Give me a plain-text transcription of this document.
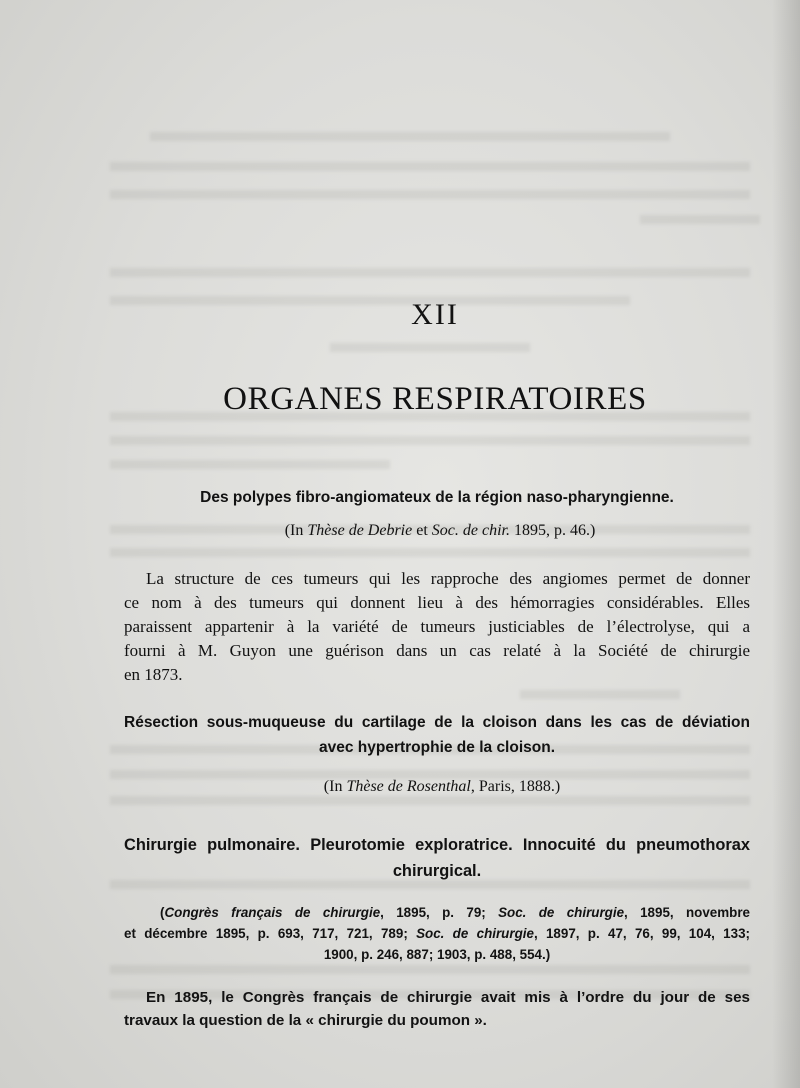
XII
ORGANES RESPIRATOIRES
Des polypes fibro-angiomateux de la région naso-pharyngienne.
(In Thèse de Debrie et Soc. de chir. 1895, p. 46.)
La structure de ces tumeurs qui les rapproche des angiomes permet de donner
ce nom à des tumeurs qui donnent lieu à des hémorragies considérables. Elles
paraissent appartenir à la variété de tumeurs justiciables de l’électrolyse, qui a
fourni à M. Guyon une guérison dans un cas relaté à la Société de chirurgie
en 1873.
Résection sous-muqueuse du cartilage de la cloison dans les cas de déviation
avec hypertrophie de la cloison.
(In Thèse de Rosenthal, Paris, 1888.)
Chirurgie pulmonaire. Pleurotomie exploratrice. Innocuité du pneumothorax
chirurgical.
(Congrès français de chirurgie, 1895, p. 79; Soc. de chirurgie, 1895, novembre
et décembre 1895, p. 693, 717, 721, 789; Soc. de chirurgie, 1897, p. 47, 76, 99, 104, 133;
1900, p. 246, 887; 1903, p. 488, 554.)
En 1895, le Congrès français de chirurgie avait mis à l’ordre du jour de ses
travaux la question de la « chirurgie du poumon ».
